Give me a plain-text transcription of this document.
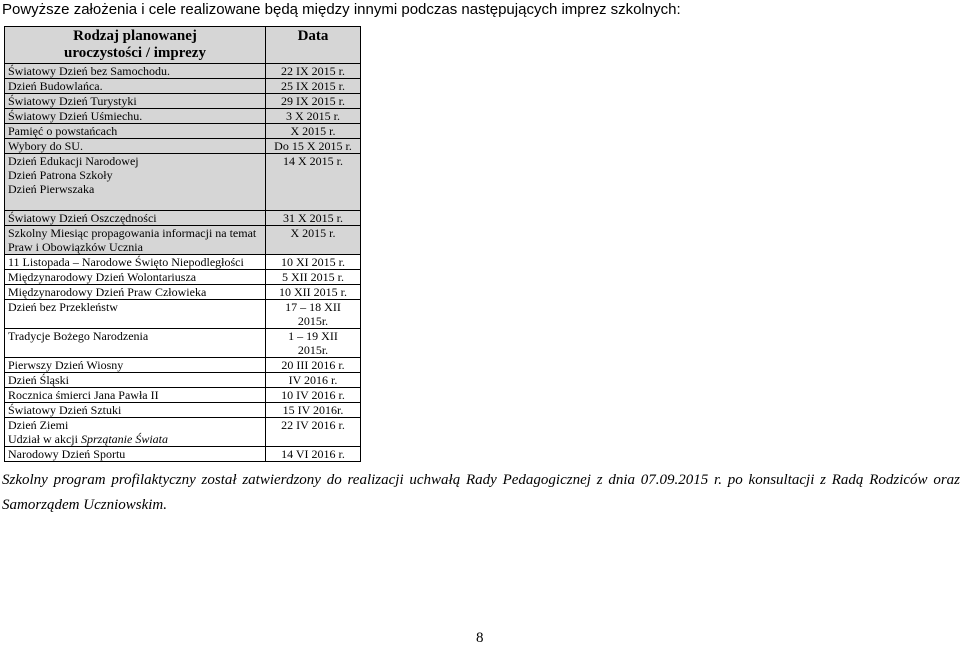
Powyższe założenia i cele realizowane będą między innymi podczas następujących imprez szkolnych:
Rodzaj planowanej
uroczystości / imprezy	Data

Światowy Dzień bez Samochodu.	22 IX 2015 r.

Dzień Budowlańca.	25 IX 2015 r.

Światowy Dzień Turystyki	29 IX 2015 r.

Światowy Dzień Uśmiechu.	3 X 2015 r.

Pamięć o powstańcach	X 2015 r.

Wybory do SU.	Do 15 X 2015 r.

Dzień Edukacji Narodowej
Dzień Patrona Szkoły
Dzień Pierwszaka	14 X 2015 r.

Światowy Dzień Oszczędności	31 X 2015 r.

Szkolny Miesiąc propagowania informacji na temat
Praw i Obowiązków Ucznia	X 2015 r.

11 Listopada – Narodowe Święto Niepodległości	10 XI 2015 r.

Międzynarodowy Dzień Wolontariusza	5 XII 2015 r.

Międzynarodowy Dzień Praw Człowieka	10 XII 2015 r.

Dzień bez Przekleństw	17 – 18 XII
2015r.

Tradycje Bożego Narodzenia	1 – 19 XII
2015r.

Pierwszy Dzień Wiosny	20 III 2016 r.

Dzień Śląski	IV 2016 r.

Rocznica śmierci Jana Pawła II	10 IV 2016 r.

Światowy Dzień Sztuki	15 IV 2016r.

Dzień Ziemi
Udział w akcji Sprzątanie Świata	22 IV 2016 r.

Narodowy Dzień Sportu	14 VI 2016 r.
Szkolny program profilaktyczny został zatwierdzony do realizacji uchwałą Rady Pedagogicznej z dnia 07.09.2015 r. po konsultacji z Radą Rodziców oraz Samorządem Uczniowskim.
8
